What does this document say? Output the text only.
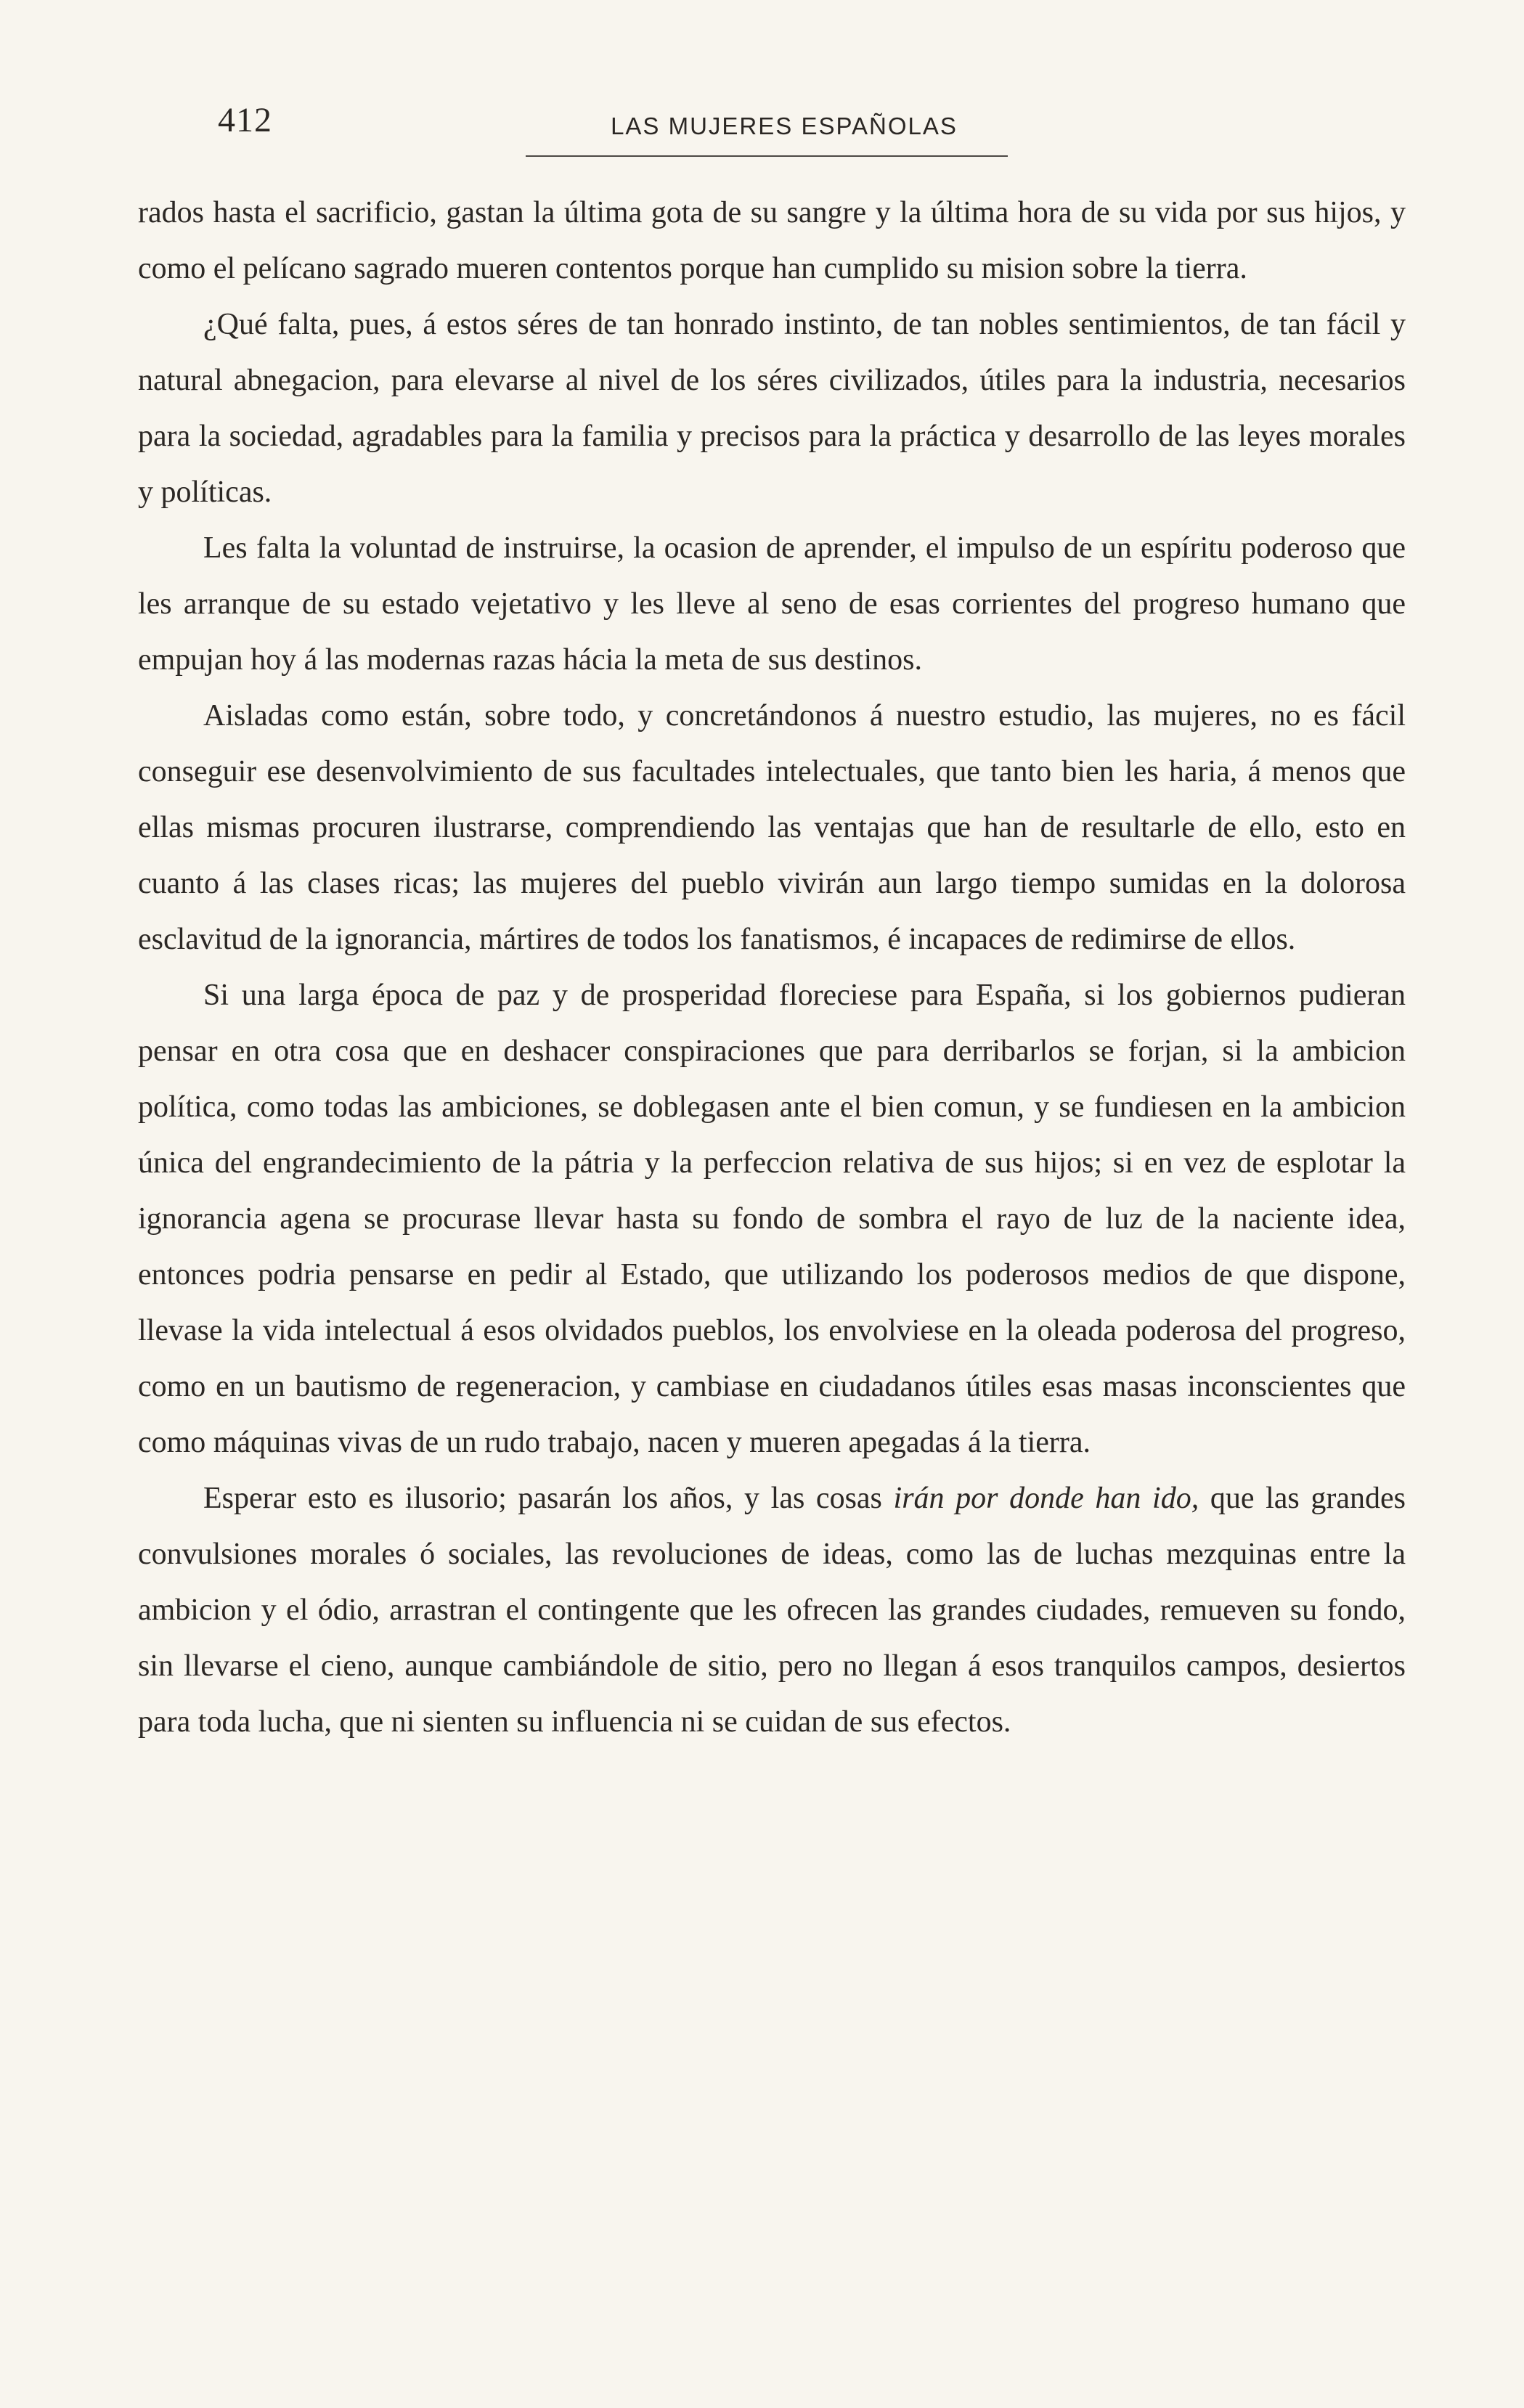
412	LAS MUJERES ESPAÑOLAS

rados hasta el sacrificio, gastan la última gota de su sangre y la última hora de su vida por sus hijos, y como el pelícano sagrado mueren contentos porque han cumplido su mision sobre la tierra.

¿Qué falta, pues, á estos séres de tan honrado instinto, de tan nobles sentimientos, de tan fácil y natural abnegacion, para elevarse al nivel de los séres civilizados, útiles para la industria, necesarios para la sociedad, agradables para la familia y precisos para la práctica y desarrollo de las leyes morales y políticas.

Les falta la voluntad de instruirse, la ocasion de aprender, el impulso de un espíritu poderoso que les arranque de su estado vejetativo y les lleve al seno de esas corrientes del progreso humano que empujan hoy á las modernas razas hácia la meta de sus destinos.

Aisladas como están, sobre todo, y concretándonos á nuestro estudio, las mujeres, no es fácil conseguir ese desenvolvimiento de sus facultades intelectuales, que tanto bien les haria, á menos que ellas mismas procuren ilustrarse, comprendiendo las ventajas que han de resultarle de ello, esto en cuanto á las clases ricas; las mujeres del pueblo vivirán aun largo tiempo sumidas en la dolorosa esclavitud de la ignorancia, mártires de todos los fanatismos, é incapaces de redimirse de ellos.

Si una larga época de paz y de prosperidad floreciese para España, si los gobiernos pudieran pensar en otra cosa que en deshacer conspiraciones que para derribarlos se forjan, si la ambicion política, como todas las ambiciones, se doblegasen ante el bien comun, y se fundiesen en la ambicion única del engrandecimiento de la pátria y la perfeccion relativa de sus hijos; si en vez de esplotar la ignorancia agena se procurase llevar hasta su fondo de sombra el rayo de luz de la naciente idea, entonces podria pensarse en pedir al Estado, que utilizando los poderosos medios de que dispone, llevase la vida intelectual á esos olvidados pueblos, los envolviese en la oleada poderosa del progreso, como en un bautismo de regeneracion, y cambiase en ciudadanos útiles esas masas inconscientes que como máquinas vivas de un rudo trabajo, nacen y mueren apegadas á la tierra.

Esperar esto es ilusorio; pasarán los años, y las cosas irán por donde han ido, que las grandes convulsiones morales ó sociales, las revoluciones de ideas, como las de luchas mezquinas entre la ambicion y el ódio, arrastran el contingente que les ofrecen las grandes ciudades, remueven su fondo, sin llevarse el cieno, aunque cambiándole de sitio, pero no llegan á esos tranquilos campos, desiertos para toda lucha, que ni sienten su influencia ni se cuidan de sus efectos.
